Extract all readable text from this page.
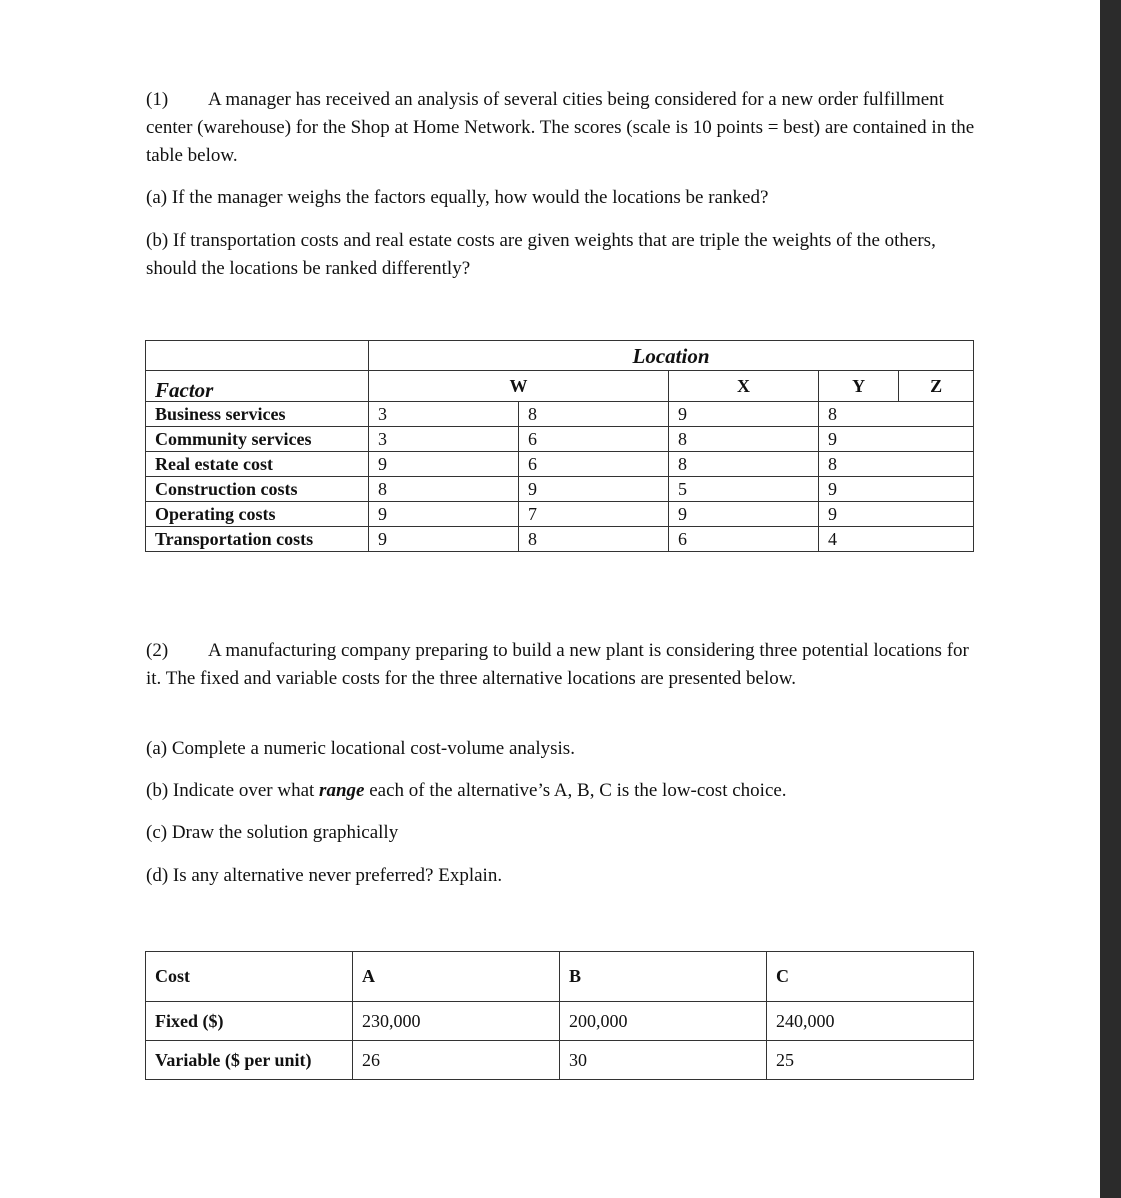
(1) A manager has received an analysis of several cities being considered for a new order fulfillment center (warehouse) for the Shop at Home Network. The scores (scale is 10 points = best) are contained in the table below.

(a) If the manager weighs the factors equally, how would the locations be ranked?

(b) If transportation costs and real estate costs are given weights that are triple the weights of the others, should the locations be ranked differently?

	Location				
Factor	W		X	Y	Z
Business services	3	8	9	8	
Community services	3	6	8	9	
Real estate cost	9	6	8	8	
Construction costs	8	9	5	9	
Operating costs	9	7	9	9	
Transportation costs	9	8	6	4	

(2) A manufacturing company preparing to build a new plant is considering three potential locations for it. The fixed and variable costs for the three alternative locations are presented below.

(a) Complete a numeric locational cost-volume analysis.

(b) Indicate over what range each of the alternative’s A, B, C is the low-cost choice.

(c) Draw the solution graphically

(d) Is any alternative never preferred? Explain.

Cost	A	B	C
Fixed ($)	230,000	200,000	240,000
Variable ($ per unit)	26	30	25
